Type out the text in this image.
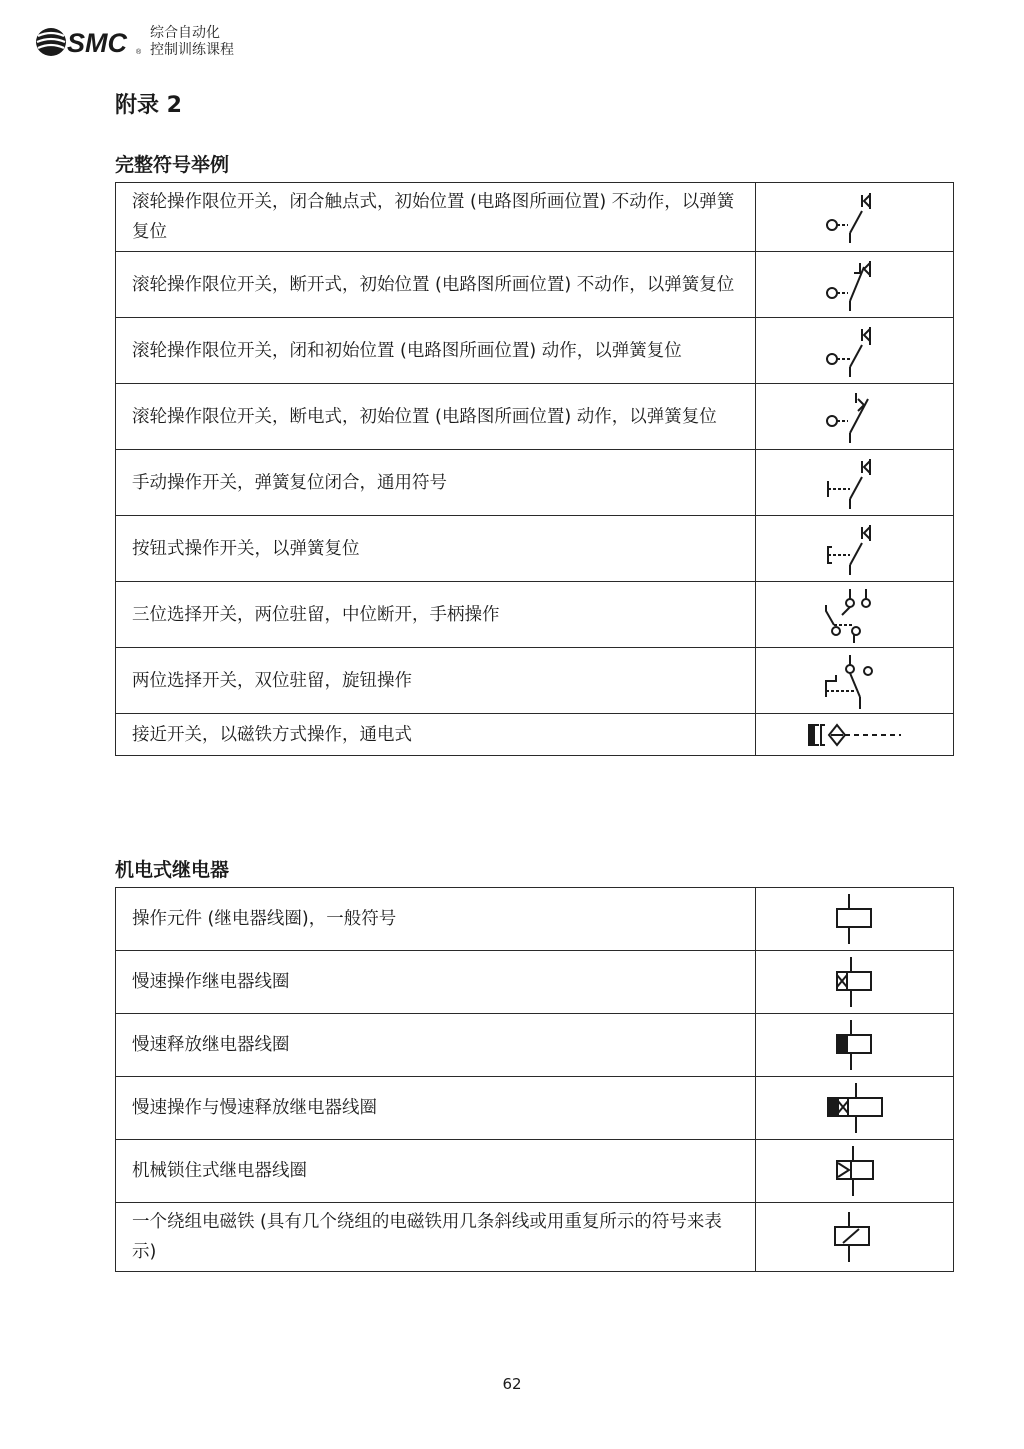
SMC ®
综合自动化
控制训练课程
附录 2
完整符号举例
滚轮操作限位开关，闭合触点式，初始位置 (电路图所画位置) 不动作，以弹簧复位	

滚轮操作限位开关，断开式，初始位置 (电路图所画位置) 不动作，以弹簧复位	

滚轮操作限位开关，闭和初始位置 (电路图所画位置) 动作，以弹簧复位	

滚轮操作限位开关，断电式，初始位置 (电路图所画位置) 动作，以弹簧复位	

手动操作开关，弹簧复位闭合，通用符号	

按钮式操作开关，以弹簧复位	

三位选择开关，两位驻留，中位断开，手柄操作	

两位选择开关，双位驻留，旋钮操作	

接近开关，以磁铁方式操作，通电式	
机电式继电器
操作元件 (继电器线圈)，一般符号	

慢速操作继电器线圈	

慢速释放继电器线圈	

慢速操作与慢速释放继电器线圈	

机械锁住式继电器线圈	

一个绕组电磁铁 (具有几个绕组的电磁铁用几条斜线或用重复所示的符号来表示)	
62
